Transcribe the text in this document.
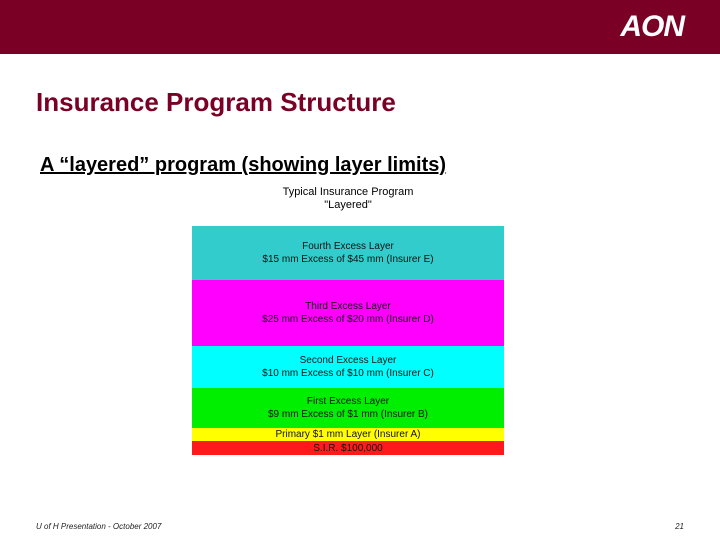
AON
Insurance Program Structure
A “layered” program (showing layer limits)
Typical Insurance Program
"Layered"
Fourth Excess Layer
$15 mm Excess of $45 mm (Insurer E)
Third Excess Layer
$25 mm Excess of $20 mm (Insurer D)
Second Excess Layer
$10 mm Excess of $10 mm (Insurer C)
First Excess Layer
$9 mm Excess of $1 mm (Insurer B)
Primary $1 mm Layer (Insurer A)
S.I.R. $100,000
U of H Presentation - October 2007	21
